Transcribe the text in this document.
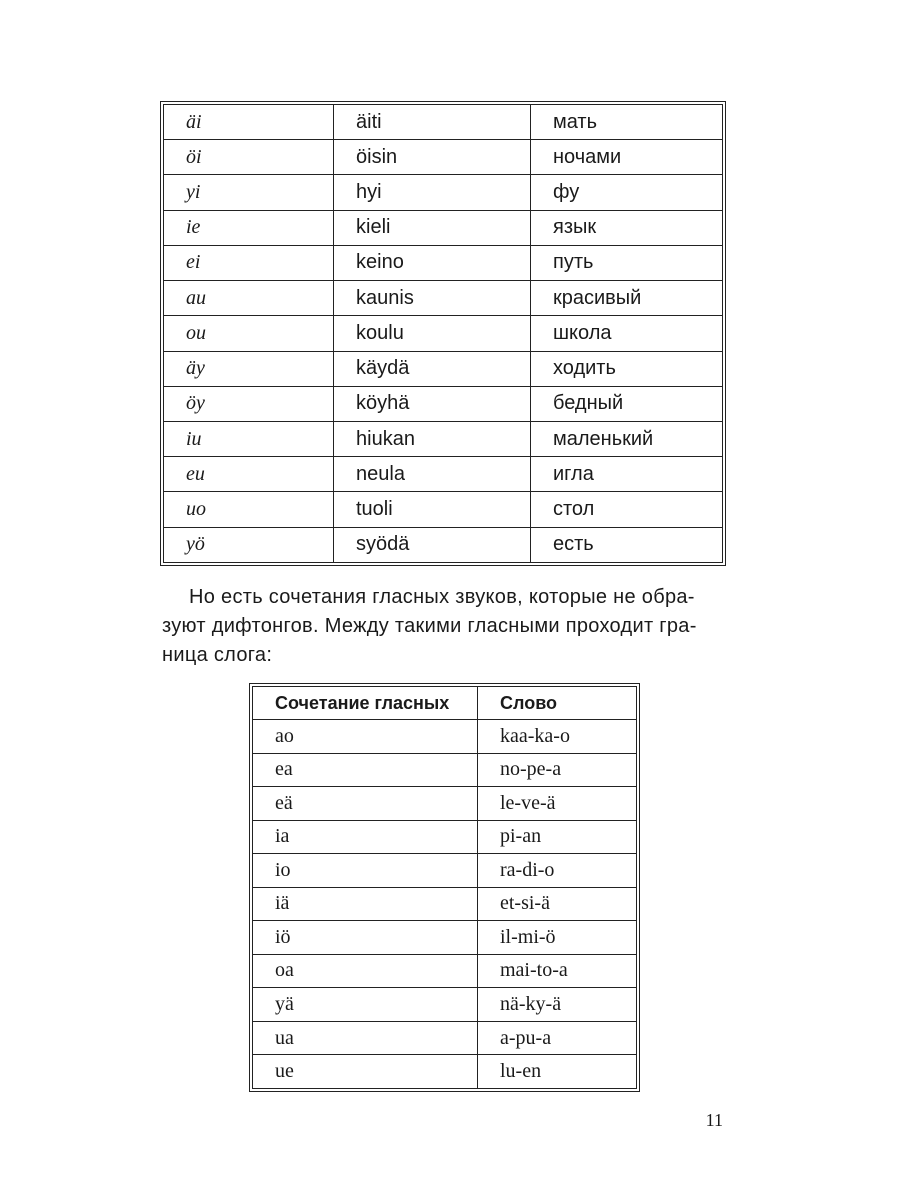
äi	äiti	мать
öi	öisin	ночами
yi	hyi	фу
ie	kieli	язык
ei	keino	путь
au	kaunis	красивый
ou	koulu	школа
äy	käydä	ходить
öy	köyhä	бедный
iu	hiukan	маленький
eu	neula	игла
uo	tuoli	стол
yö	syödä	есть

Но есть сочетания гласных звуков, которые не обра-
зуют дифтонгов. Между такими гласными проходит гра-
ница слога:

Сочетание гласных	Слово
ao	kaa-ka-o
ea	no-pe-a
eä	le-ve-ä
ia	pi-an
io	ra-di-o
iä	et-si-ä
iö	il-mi-ö
oa	mai-to-a
yä	nä-ky-ä
ua	a-pu-a
ue	lu-en
11
